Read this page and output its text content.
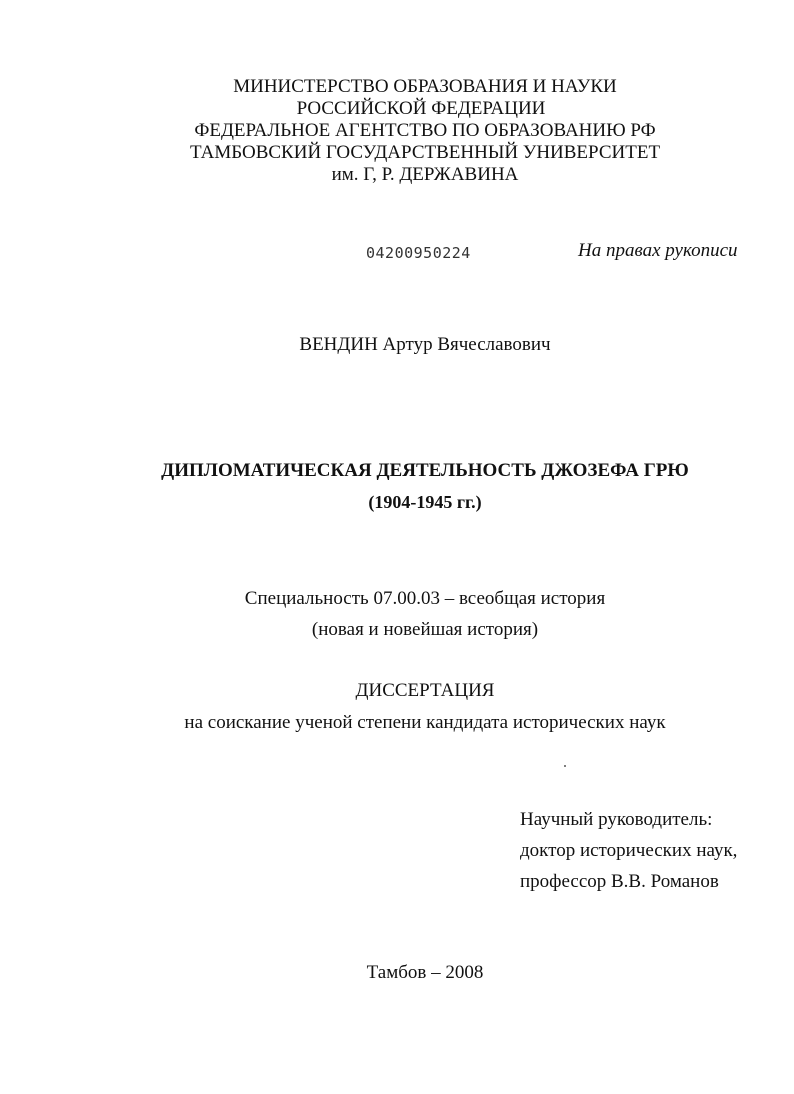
МИНИСТЕРСТВО ОБРАЗОВАНИЯ И НАУКИ
РОССИЙСКОЙ ФЕДЕРАЦИИ
ФЕДЕРАЛЬНОЕ АГЕНТСТВО ПО ОБРАЗОВАНИЮ РФ
ТАМБОВСКИЙ ГОСУДАРСТВЕННЫЙ УНИВЕРСИТЕТ
им. Г, Р. ДЕРЖАВИНА
04200950224	На правах рукописи
ВЕНДИН Артур Вячеславович
ДИПЛОМАТИЧЕСКАЯ ДЕЯТЕЛЬНОСТЬ ДЖОЗЕФА ГРЮ
(1904-1945 гг.)
Специальность 07.00.03 – всеобщая история
(новая и новейшая история)
ДИССЕРТАЦИЯ
на соискание ученой степени кандидата исторических наук
Научный руководитель:
доктор исторических наук,
профессор В.В. Романов
Тамбов – 2008
